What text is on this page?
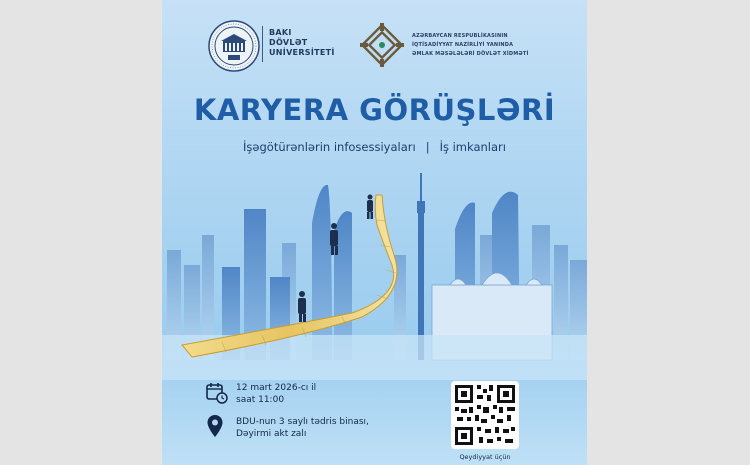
BAKI
DÖVLƏT
UNİVERSİTETİ
AZƏRBAYCAN RESPUBLİKASININ
İQTİSADİYYAT NAZİRLİYİ YANINDA
ƏMLAK MƏSƏLƏLƏRİ DÖVLƏT XİDMƏTİ
KARYERA GÖRÜŞLƏRİ
İşəgötürənlərin infosessiyaları | İş imkanları
12 mart 2026-cı il
saat 11:00
BDU-nun 3 saylı tədris binası,
Dəyirmi akt zalı
Qeydiyyat üçün
